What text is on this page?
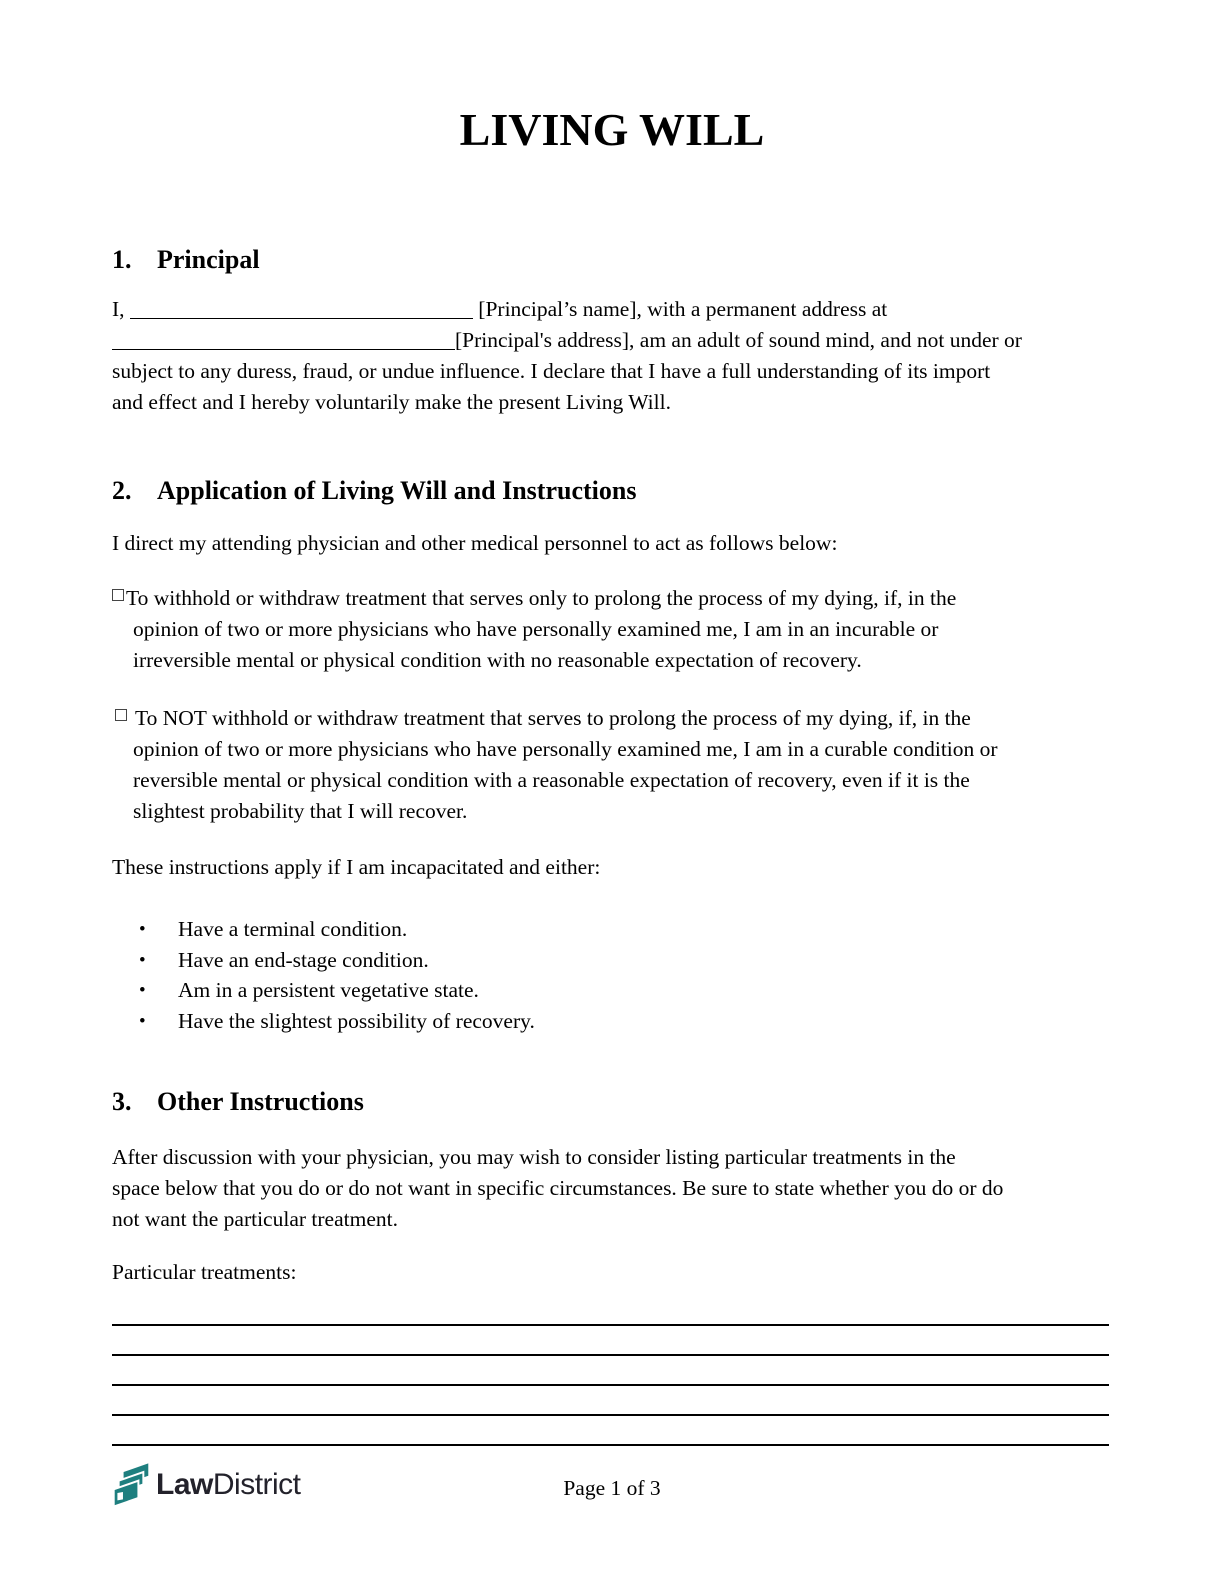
LIVING WILL
1. Principal
I,	[Principal’s name], with a permanent address at
[Principal's address], am an adult of sound mind, and not under or
subject to any duress, fraud, or undue influence. I declare that I have a full understanding of its import
and effect and I hereby voluntarily make the present Living Will.
2. Application of Living Will and Instructions
I direct my attending physician and other medical personnel to act as follows below:
To withhold or withdraw treatment that serves only to prolong the process of my dying, if, in the
opinion of two or more physicians who have personally examined me, I am in an incurable or
irreversible mental or physical condition with no reasonable expectation of recovery.
To NOT withhold or withdraw treatment that serves to prolong the process of my dying, if, in the
opinion of two or more physicians who have personally examined me, I am in a curable condition or
reversible mental or physical condition with a reasonable expectation of recovery, even if it is the
slightest probability that I will recover.
These instructions apply if I am incapacitated and either:
• Have a terminal condition.
• Have an end-stage condition.
• Am in a persistent vegetative state.
• Have the slightest possibility of recovery.
3. Other Instructions
After discussion with your physician, you may wish to consider listing particular treatments in the
space below that you do or do not want in specific circumstances. Be sure to state whether you do or do
not want the particular treatment.
Particular treatments:
LawDistrict	Page 1 of 3
